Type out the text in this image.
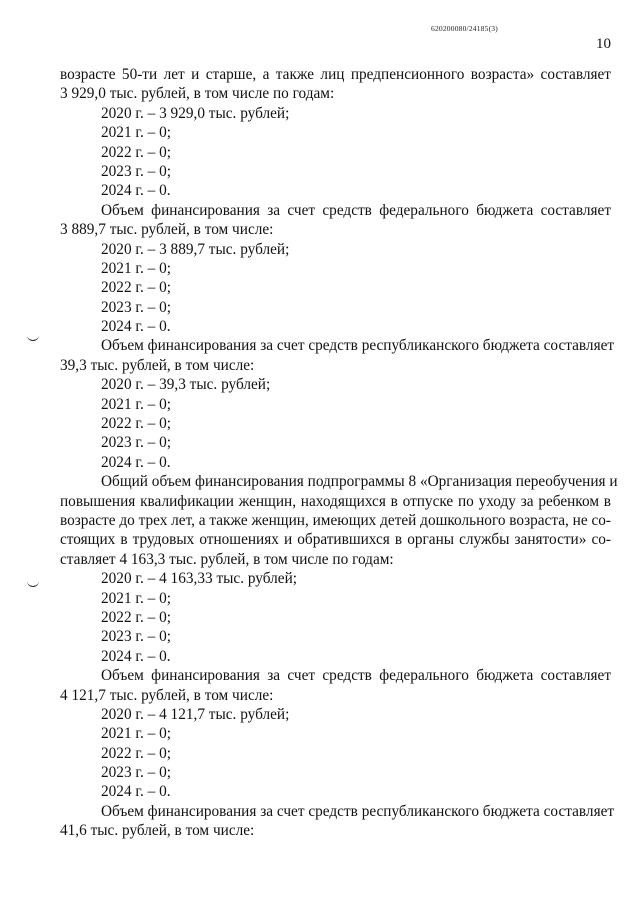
620200080/24185(3)
10
возрасте 50-ти лет и старше, а также лиц предпенсионного возраста» составляет
3 929,0 тыс. рублей, в том числе по годам:
2020 г. – 3 929,0 тыс. рублей;
2021 г. – 0;
2022 г. – 0;
2023 г. – 0;
2024 г. – 0.
Объем финансирования за счет средств федерального бюджета составляет
3 889,7 тыс. рублей, в том числе:
2020 г. – 3 889,7 тыс. рублей;
2021 г. – 0;
2022 г. – 0;
2023 г. – 0;
2024 г. – 0.
Объем финансирования за счет средств республиканского бюджета составляет
39,3 тыс. рублей, в том числе:
2020 г. – 39,3 тыс. рублей;
2021 г. – 0;
2022 г. – 0;
2023 г. – 0;
2024 г. – 0.
Общий объем финансирования подпрограммы 8 «Организация переобучения и
повышения квалификации женщин, находящихся в отпуске по уходу за ребенком в
возрасте до трех лет, а также женщин, имеющих детей дошкольного возраста, не со-
стоящих в трудовых отношениях и обратившихся в органы службы занятости» со-
ставляет 4 163,3 тыс. рублей, в том числе по годам:
2020 г. – 4 163,33 тыс. рублей;
2021 г. – 0;
2022 г. – 0;
2023 г. – 0;
2024 г. – 0.
Объем финансирования за счет средств федерального бюджета составляет
4 121,7 тыс. рублей, в том числе:
2020 г. – 4 121,7 тыс. рублей;
2021 г. – 0;
2022 г. – 0;
2023 г. – 0;
2024 г. – 0.
Объем финансирования за счет средств республиканского бюджета составляет
41,6 тыс. рублей, в том числе:
